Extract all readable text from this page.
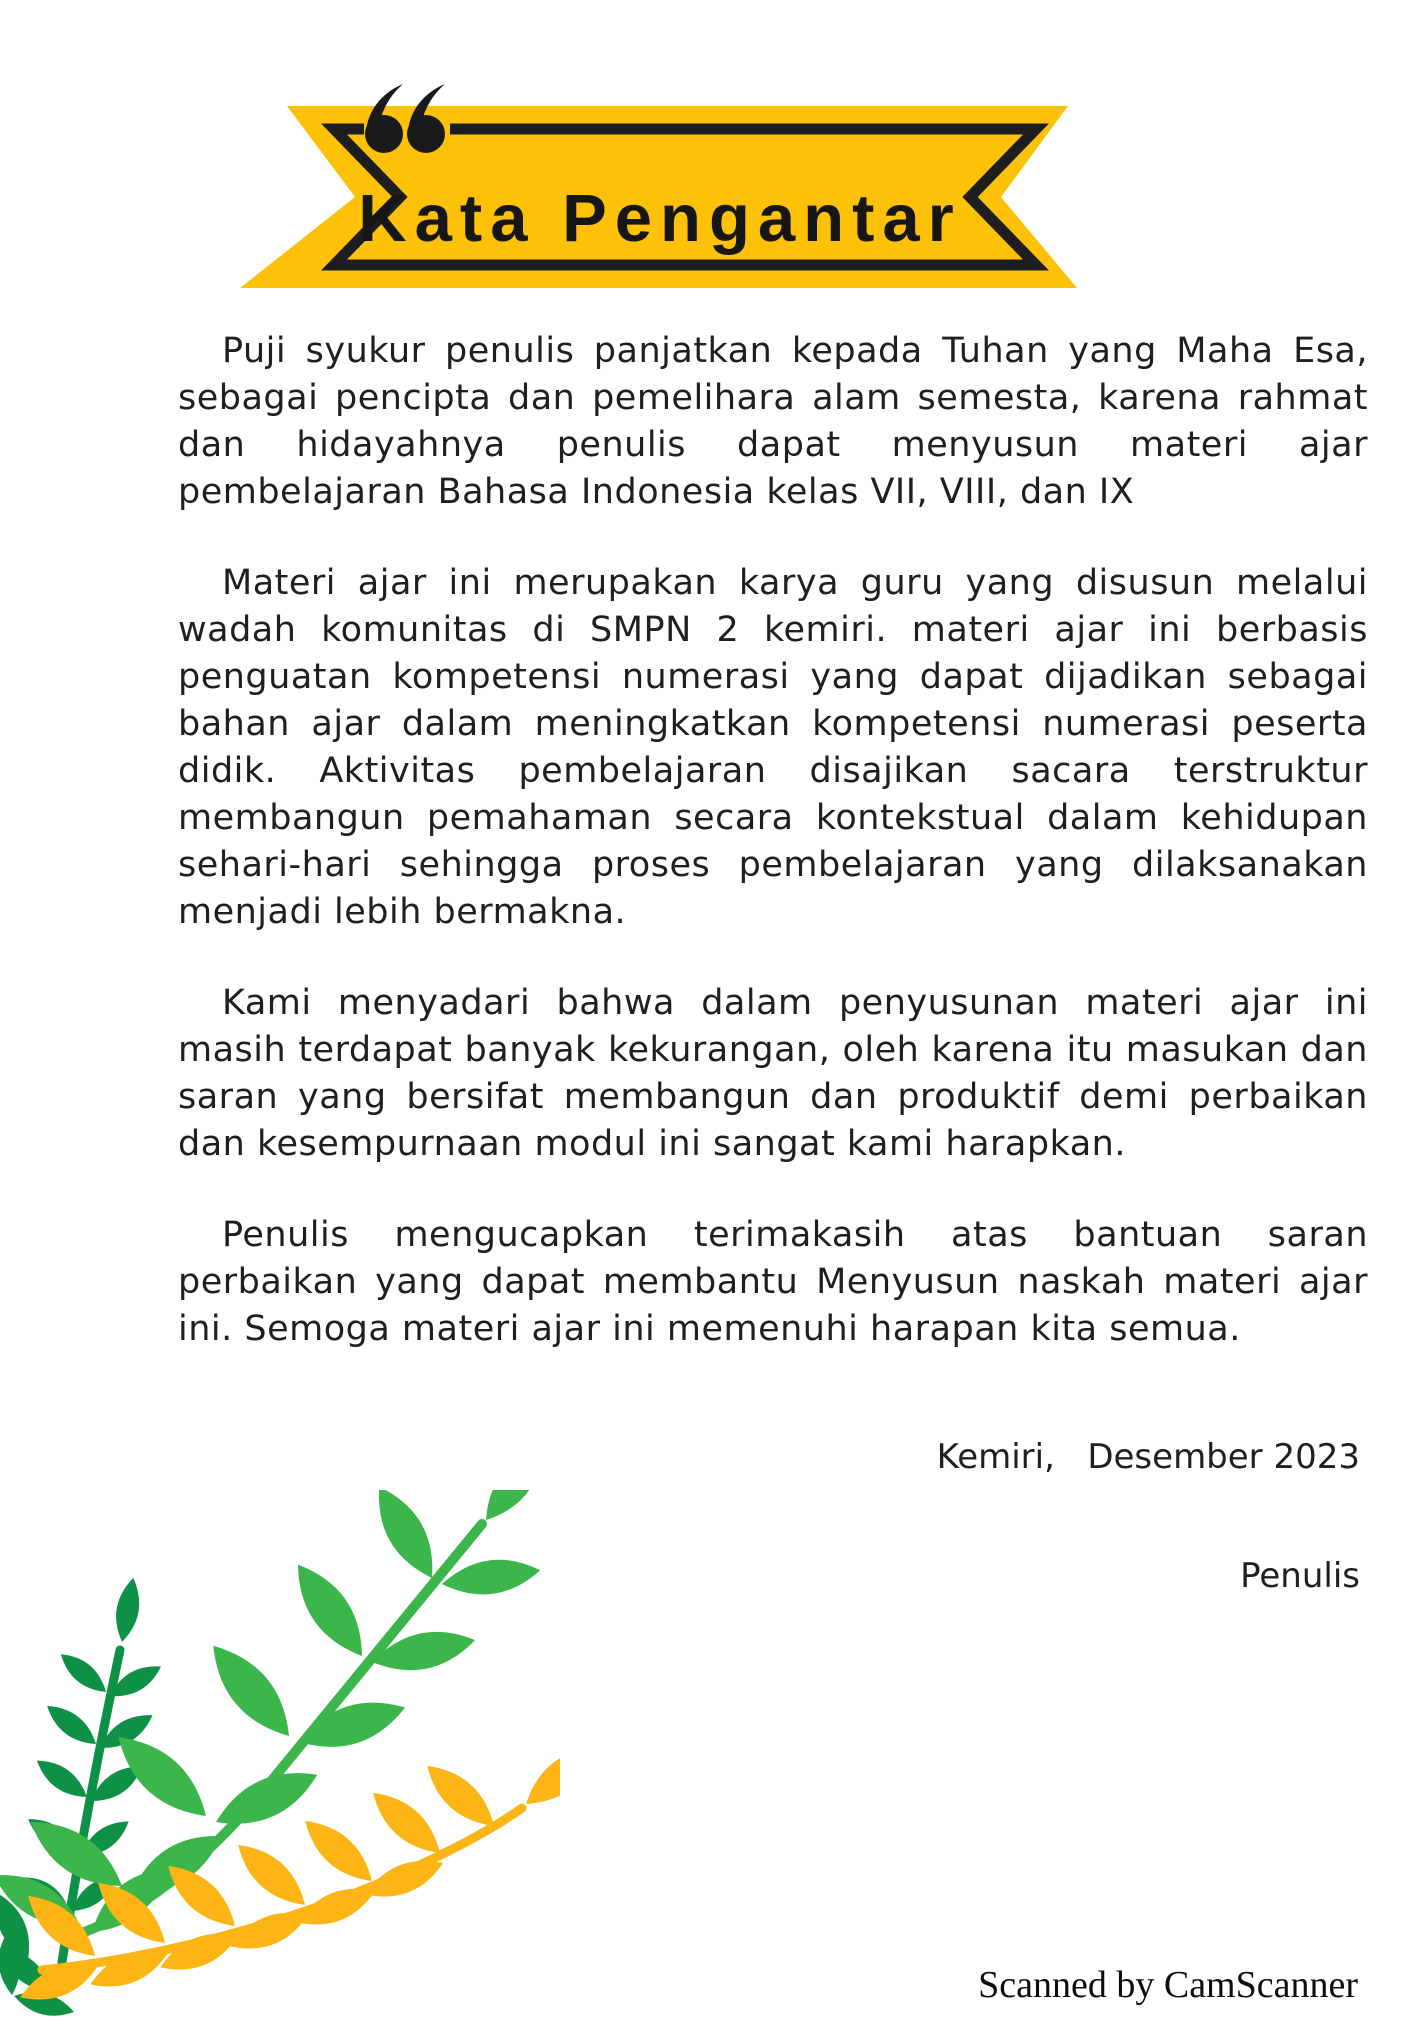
Kata Pengantar

Puji syukur penulis panjatkan kepada Tuhan yang Maha Esa, sebagai pencipta dan pemelihara alam semesta, karena rahmat dan hidayahnya penulis dapat menyusun materi ajar pembelajaran Bahasa Indonesia kelas VII, VIII, dan IX

Materi ajar ini merupakan karya guru yang disusun melalui wadah komunitas di SMPN 2 kemiri. materi ajar ini berbasis penguatan kompetensi numerasi yang dapat dijadikan sebagai bahan ajar dalam meningkatkan kompetensi numerasi peserta didik. Aktivitas pembelajaran disajikan sacara terstruktur membangun pemahaman secara kontekstual dalam kehidupan sehari-hari sehingga proses pembelajaran yang dilaksanakan menjadi lebih bermakna.

Kami menyadari bahwa dalam penyusunan materi ajar ini masih terdapat banyak kekurangan, oleh karena itu masukan dan saran yang bersifat membangun dan produktif demi perbaikan dan kesempurnaan modul ini sangat kami harapkan.

Penulis mengucapkan terimakasih atas bantuan saran perbaikan yang dapat membantu Menyusun naskah materi ajar ini. Semoga materi ajar ini memenuhi harapan kita semua.

Kemiri,   Desember 2023
Penulis
Scanned by CamScanner
